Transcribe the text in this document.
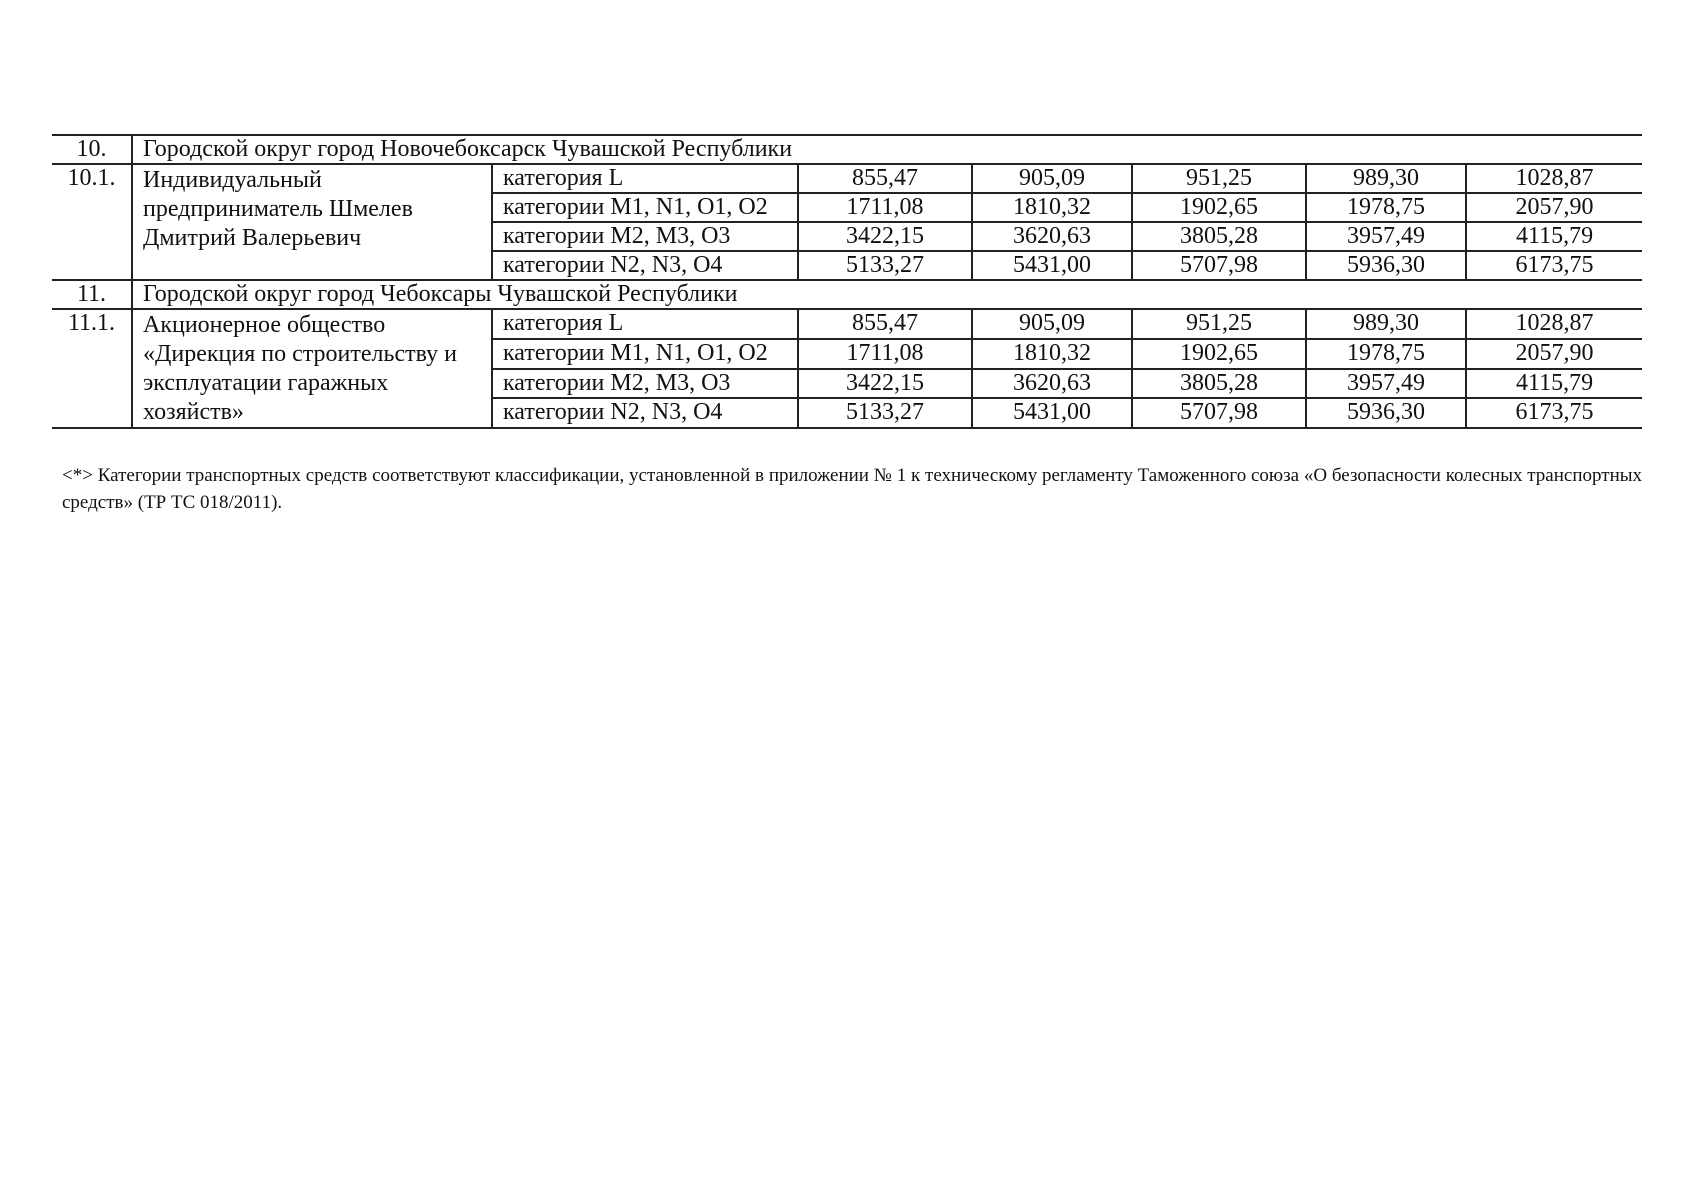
10.	Городской округ город Новочебоксарск Чувашской Республики						
10.1.	Индивидуальный предприниматель Шмелев Дмитрий Валерьевич	категория L	855,47	905,09	951,25	989,30	1028,87
		категории M1, N1, O1, O2	1711,08	1810,32	1902,65	1978,75	2057,90
		категории M2, M3, O3	3422,15	3620,63	3805,28	3957,49	4115,79
		категории N2, N3, O4	5133,27	5431,00	5707,98	5936,30	6173,75
11.	Городской округ город Чебоксары Чувашской Республики						
11.1.	Акционерное общество «Дирекция по строительству и эксплуатации гаражных хозяйств»	категория L	855,47	905,09	951,25	989,30	1028,87
		категории M1, N1, O1, O2	1711,08	1810,32	1902,65	1978,75	2057,90
		категории M2, M3, O3	3422,15	3620,63	3805,28	3957,49	4115,79
		категории N2, N3, O4	5133,27	5431,00	5707,98	5936,30	6173,75
<*> Категории транспортных средств соответствуют классификации, установленной в приложении № 1 к техническому регламенту Таможенного союза «О безопасности колесных транспортных средств» (ТР ТС 018/2011).
